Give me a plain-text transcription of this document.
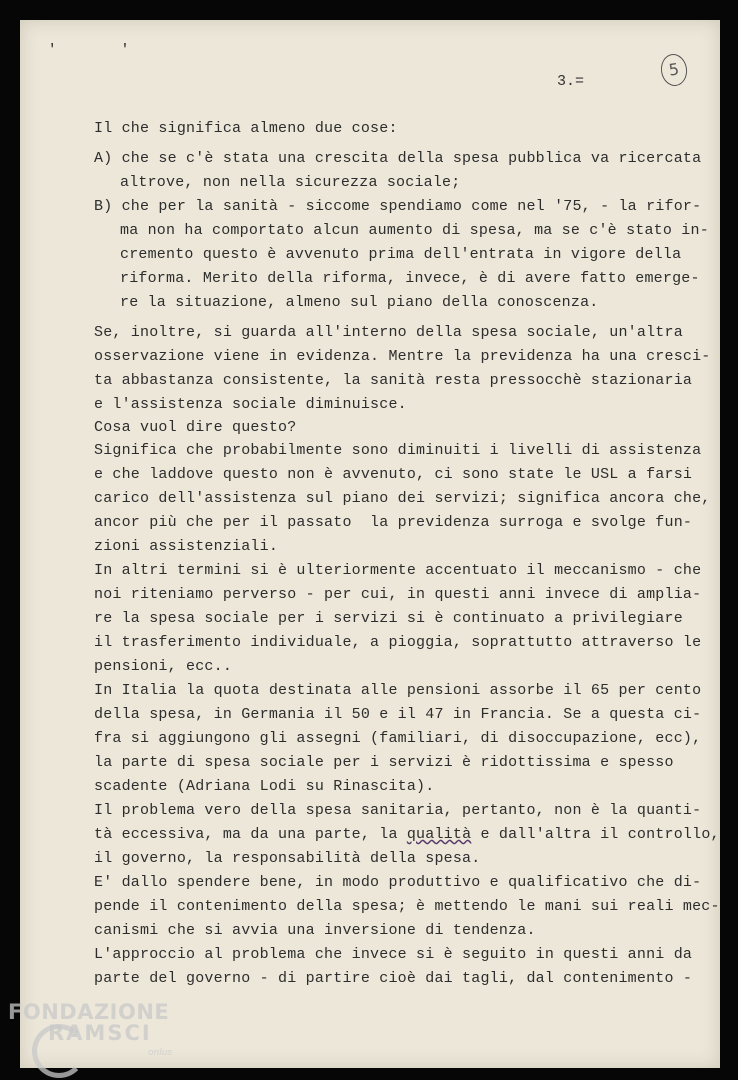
' '
3.=
5
Il che significa almeno due cose:
A) che se c'è stata una crescita della spesa pubblica va ricercata
altrove, non nella sicurezza sociale;
B) che per la sanità - siccome spendiamo come nel '75, - la rifor-
ma non ha comportato alcun aumento di spesa, ma se c'è stato in-
cremento questo è avvenuto prima dell'entrata in vigore della
riforma. Merito della riforma, invece, è di avere fatto emerge-
re la situazione, almeno sul piano della conoscenza.
Se, inoltre, si guarda all'interno della spesa sociale, un'altra
osservazione viene in evidenza. Mentre la previdenza ha una cresci-
ta abbastanza consistente, la sanità resta pressocchè stazionaria
e l'assistenza sociale diminuisce.
Cosa vuol dire questo?
Significa che probabilmente sono diminuiti i livelli di assistenza
e che laddove questo non è avvenuto, ci sono state le USL a farsi
carico dell'assistenza sul piano dei servizi; significa ancora che,
ancor più che per il passato  la previdenza surroga e svolge fun-
zioni assistenziali.
In altri termini si è ulteriormente accentuato il meccanismo - che
noi riteniamo perverso - per cui, in questi anni invece di amplia-
re la spesa sociale per i servizi si è continuato a privilegiare
il trasferimento individuale, a pioggia, soprattutto attraverso le
pensioni, ecc..
In Italia la quota destinata alle pensioni assorbe il 65 per cento
della spesa, in Germania il 50 e il 47 in Francia. Se a questa ci-
fra si aggiungono gli assegni (familiari, di disoccupazione, ecc),
la parte di spesa sociale per i servizi è ridottissima e spesso
scadente (Adriana Lodi su Rinascita).
Il problema vero della spesa sanitaria, pertanto, non è la quanti-
tà eccessiva, ma da una parte, la qualità e dall'altra il controllo,
il governo, la responsabilità della spesa.
E' dallo spendere bene, in modo produttivo e qualificativo che di-
pende il contenimento della spesa; è mettendo le mani sui reali mec-
canismi che si avvia una inversione di tendenza.
L'approccio al problema che invece si è seguito in questi anni da
parte del governo - di partire cioè dai tagli, dal contenimento -
FONDAZIONE
RAMSCI
onlus
